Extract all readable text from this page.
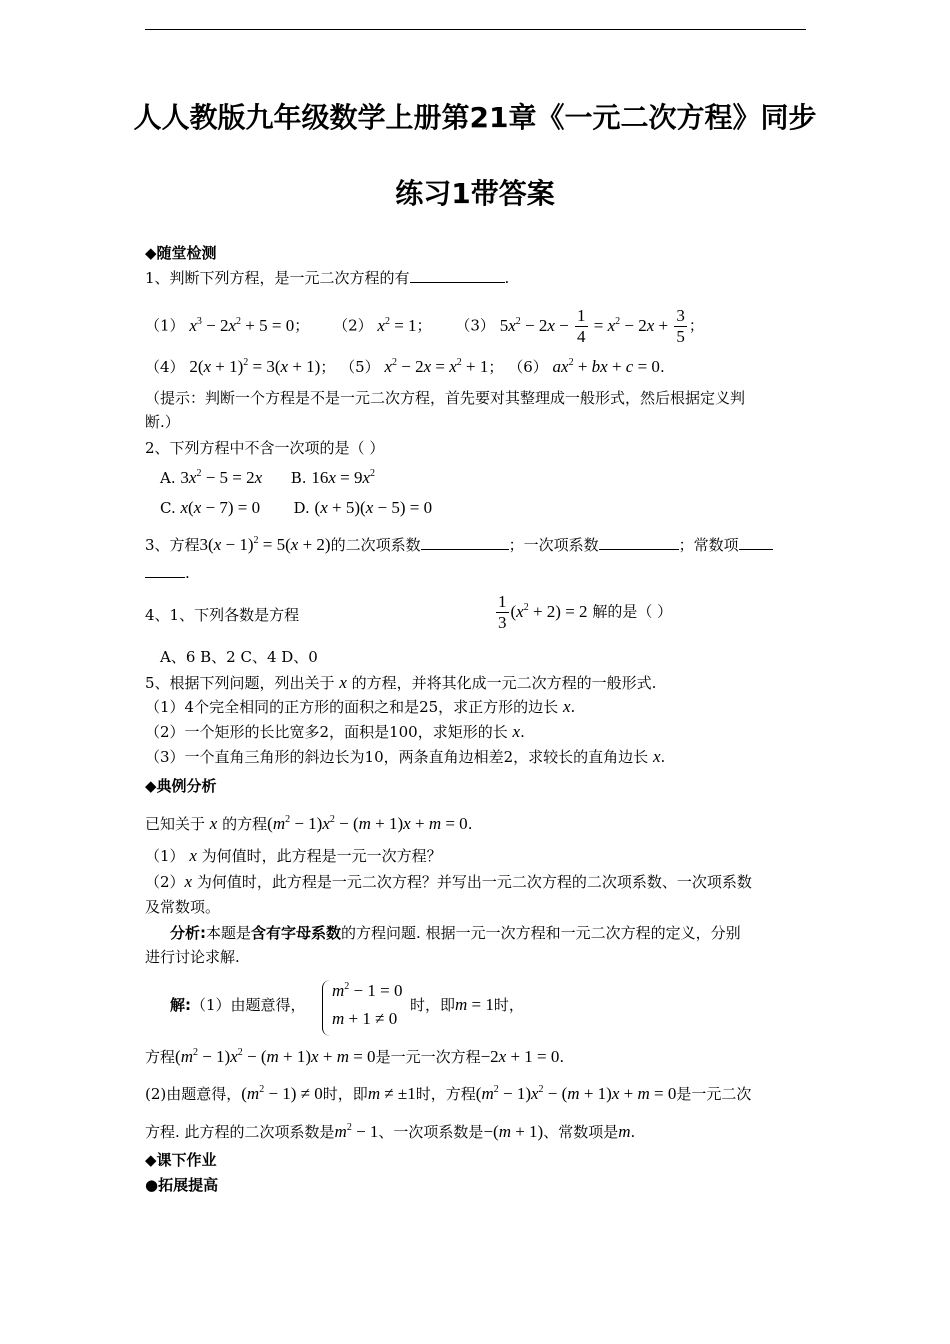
人人教版九年级数学上册第21章《一元二次方程》同步
练习1带答案
◆随堂检测
1、判断下列方程，是一元二次方程的有	.
（1） $x^3 - 2x^2 + 5 = 0$； （2） $x^2 = 1$； （3） $5x^2 - 2x - \frac{1}{4} = x^2 - 2x + \frac{3}{5}$ ；
（4） $2(x + 1)^2 = 3(x + 1)$； （5） $x^2 - 2x = x^2 + 1$； （6） $ax^2$ + bx + c = 0.
（提示：判断一个方程是不是一元二次方程，首先要对其整理成一般形式，然后根据定义判
断.）
2、下列方程中不含一次项的是（ ）
A. $3x^2 - 5 = 2x$ B. $16x = 9x^2$
C. x(x − 7) = 0 D. (x + 5)(x − 5) = 0
3、方程$3(x - 1)^2 = 5(x + 2)$的二次项系数	；一次项系数	；常数项
.
4、1、下列各数是方程	$\frac{1}{3} (x^2 + 2) = 2$ 解的是（ ）
A、6 B、2 C、4 D、0
5、根据下列问题，列出关于 x 的方程，并将其化成一元二次方程的一般形式.
（1）4个完全相同的正方形的面积之和是25，求正方形的边长 x.
（2）一个矩形的长比宽多2，面积是100，求矩形的长 x.
（3）一个直角三角形的斜边长为10，两条直角边相差2，求较长的直角边长 x.
◆典例分析
已知关于 x 的方程$(m^2 - 1)x^2 - (m + 1)x + m = 0$.
（1） x 为何值时，此方程是一元一次方程？
（2）x 为何值时，此方程是一元二次方程？并写出一元二次方程的二次项系数、一次项系数
及常数项。
分析:本题是含有字母系数的方程问题. 根据一元一次方程和一元二次方程的定义，分别
进行讨论求解.
解:（1）由题意得，
$m^2 - 1 = 0$
m + 1 ≠ 0
时，即m = 1时，
方程$(m^2 - 1)x^2 - (m + 1)x + m = 0$是一元一次方程−2x + 1 = 0.
(2)由题意得，$(m^2 - 1) \ne 0$时，即m ≠ ±1时，方程$(m^2 - 1)x^2 - (m + 1)x + m = 0$是一元二次
方程. 此方程的二次项系数是$m^2 - 1$、一次项系数是−(m + 1)、常数项是m.
◆课下作业
●拓展提高
